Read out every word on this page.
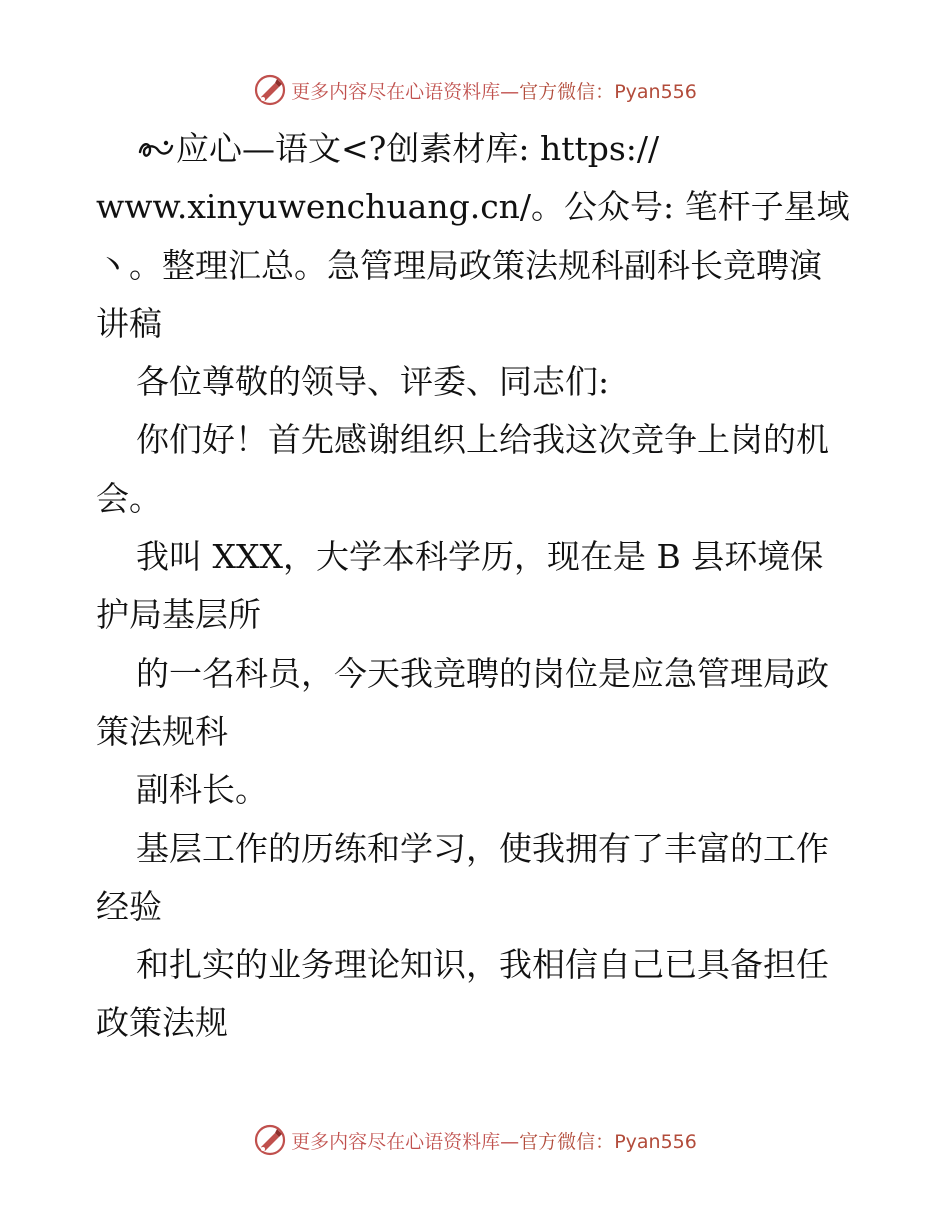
更多内容尽在心语资料库—官方微信：Pyan556
应心—语文<?创素材库: https://
www.xinyuwenchuang.cn/。公众号: 笔杆子星域
丶。整理汇总。急管理局政策法规科副科长竞聘演
讲稿
各位尊敬的领导、评委、同志们:
你们好！首先感谢组织上给我这次竞争上岗的机
会。
我叫 XXX，大学本科学历，现在是 B 县环境保
护局基层所
的一名科员，今天我竞聘的岗位是应急管理局政
策法规科
副科长。
基层工作的历练和学习，使我拥有了丰富的工作
经验
和扎实的业务理论知识，我相信自己已具备担任
政策法规
更多内容尽在心语资料库—官方微信：Pyan556
